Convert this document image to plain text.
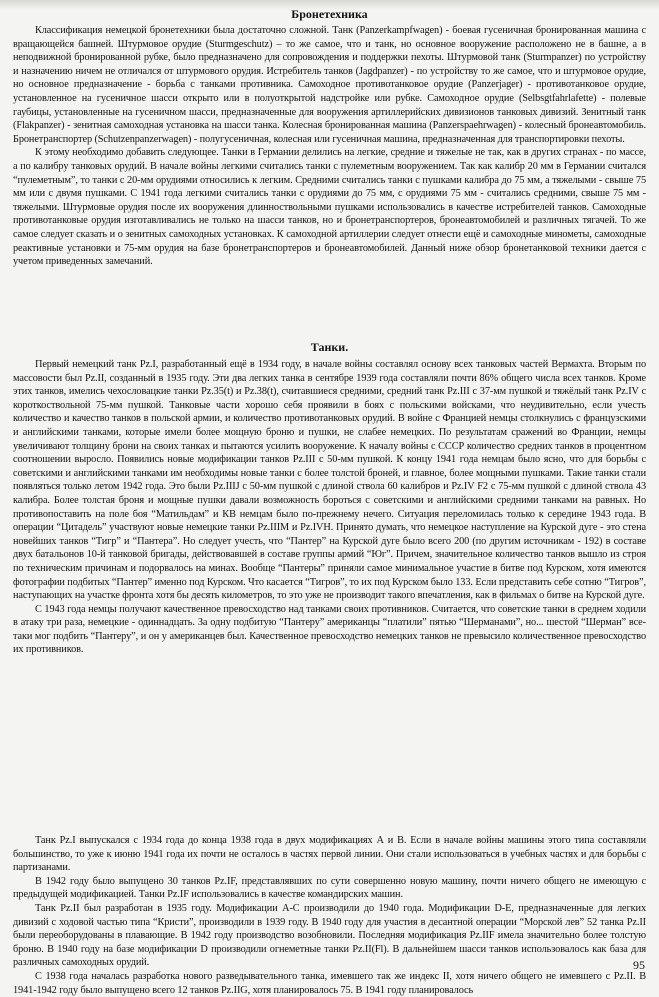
Бронетехника

Классификация немецкой бронетехники была достаточно сложной. Танк (Panzerkampfwagen) - боевая гусеничная бронированная машина с вращающейся башней. Штурмовое орудие (Sturmgeschutz) – то же самое, что и танк, но основное вооружение расположено не в башне, а в неподвижной бронированной рубке, было предназначено для сопровождения и поддержки пехоты. Штурмовой танк (Sturmpanzer) по устройству и назначению ничем не отличался от штурмового орудия. Истребитель танков (Jagdpanzer) - по устройству то же самое, что и штурмовое орудие, но основное предназначение - борьба с танками противника. Самоходное противотанковое орудие (Panzerjager) - противотанковое орудие, установленное на гусеничное шасси открыто или в полуоткрытой надстройке или рубке. Самоходное орудие (Selbsgtfahrlafette) - полевые гаубицы, установленные на гусеничном шасси, предназначенные для вооружения артиллерийских дивизионов танковых дивизий. Зенитный танк (Flakpanzer) - зенитная самоходная установка на шасси танка. Колесная бронированная машина (Panzerspaehrwagen) - колесный бронеавтомобиль. Бронетранспортер (Schutzenpanzerwagen) - полугусеничная, колесная или гусеничная машина, предназначенная для транспортировки пехоты.

К этому необходимо добавить следующее. Танки в Германии делились на легкие, средние и тяжелые не так, как в других странах - по массе, а по калибру танковых орудий. В начале войны легкими считались танки с пулеметным вооружением. Так как калибр 20 мм в Германии считался “пулеметным”, то танки с 20-мм орудиями относились к легким. Средними считались танки с пушками калибра до 75 мм, а тяжелыми - свыше 75 мм или с двумя пушками. С 1941 года легкими считались танки с орудиями до 75 мм, с орудиями 75 мм - считались средними, свыше 75 мм - тяжелыми. Штурмовые орудия после их вооружения длинноствольными пушками использовались в качестве истребителей танков. Самоходные противотанковые орудия изготавливались не только на шасси танков, но и бронетранспортеров, бронеавтомобилей и различных тягачей. То же самое следует сказать и о зенитных самоходных установках. К самоходной артиллерии следует отнести ещё и самоходные минометы, самоходные реактивные установки и 75-мм орудия на базе бронетранспортеров и бронеавтомобилей. Данный ниже обзор бронетанковой техники дается с учетом приведенных замечаний.

Танки.

Первый немецкий танк Pz.I, разработанный ещё в 1934 году, в начале войны составлял основу всех танковых частей Вермахта. Вторым по массовости был Pz.II, созданный в 1935 году. Эти два легких танка в сентябре 1939 года составляли почти 86% общего числа всех танков. Кроме этих танков, имелись чехословацкие танки Pz.35(t) и Pz.38(t), считавшиеся средними, средний танк Pz.III с 37-мм пушкой и тяжёлый танк Pz.IV с короткоствольной 75-мм пушкой. Танковые части хорошо себя проявили в боях с польскими войсками, что неудивительно, если учесть количество и качество танков в польской армии, и количество противотанковых орудий. В войне с Францией немцы столкнулись с французскими и английскими танками, которые имели более мощную броню и пушки, не слабее немецких. По результатам сражений во Франции, немцы увеличивают толщину брони на своих танках и пытаются усилить вооружение. К началу войны с СССР количество средних танков в процентном соотношении выросло. Появились новые модификации танков Pz.III с 50-мм пушкой. К концу 1941 года немцам было ясно, что для борьбы с советскими и английскими танками им необходимы новые танки с более толстой броней, и главное, более мощными пушками. Такие танки стали появляться только летом 1942 года. Это были Pz.IIIJ с 50-мм пушкой с длиной ствола 60 калибров и Pz.IV F2 с 75-мм пушкой с длиной ствола 43 калибра. Более толстая броня и мощные пушки давали возможность бороться с советскими и английскими средними танками на равных. Но противопоставить на поле боя “Матильдам” и КВ немцам было по-прежнему нечего. Ситуация переломилась только к середине 1943 года. В операции “Цитадель” участвуют новые немецкие танки Pz.IIIM и Pz.IVH. Принято думать, что немецкое наступление на Курской дуге - это стена новейших танков “Тигр” и “Пантера”. Но следует учесть, что “Пантер” на Курской дуге было всего 200 (по другим источникам - 192) в составе двух батальонов 10-й танковой бригады, действовавшей в составе группы армий “Юг”. Причем, значительное количество танков вышло из строя по техническим причинам и подорвалось на минах. Вообще “Пантеры” приняли самое минимальное участие в битве под Курском, хотя имеются фотографии подбитых “Пантер” именно под Курском. Что касается “Тигров”, то их под Курском было 133. Если представить себе сотню “Тигров”, наступающих на участке фронта хотя бы десять километров, то это уже не производит такого впечатления, как в фильмах о битве на Курской дуге.

С 1943 года немцы получают качественное превосходство над танками своих противников. Считается, что советские танки в среднем ходили в атаку три раза, немецкие - одиннадцать. За одну подбитую “Пантеру” американцы “платили” пятью “Шерманами”, но... шестой “Шерман” все-таки мог подбить “Пантеру”, и он у американцев был. Качественное превосходство немецких танков не превысило количественное превосходство их противников.

Танк Pz.I выпускался с 1934 года до конца 1938 года в двух модификациях А и В. Если в начале войны машины этого типа составляли большинство, то уже к июню 1941 года их почти не осталось в частях первой линии. Они стали использоваться в учебных частях и для борьбы с партизанами.

В 1942 году было выпущено 30 танков Pz.IF, представлявших по сути совершенно новую машину, почти ничего общего не имеющую с предыдущей модификацией. Танки Pz.IF использовались в качестве командирских машин.

Танк Pz.II был разработан в 1935 году. Модификации А-С производили до 1940 года. Модификации D-E, предназначенные для легких дивизий с ходовой частью типа “Кристи”, производили в 1939 году. В 1940 году для участия в десантной операции “Морской лев” 52 танка Pz.II были переоборудованы в плавающие. В 1942 году производство возобновили. Последняя модификация Pz.IIF имела значительно более толстую броню. В 1940 году на базе модификации D производили огнеметные танки Pz.II(Fl). В дальнейшем шасси танков использовалось как база для различных самоходных орудий.

С 1938 года началась разработка нового разведывательного танка, имевшего так же индекс II, хотя ничего общего не имевшего с Pz.II. В 1941-1942 году было выпущено всего 12 танков Pz.IIG, хотя планировалось 75. В 1941 году планировалось

95
